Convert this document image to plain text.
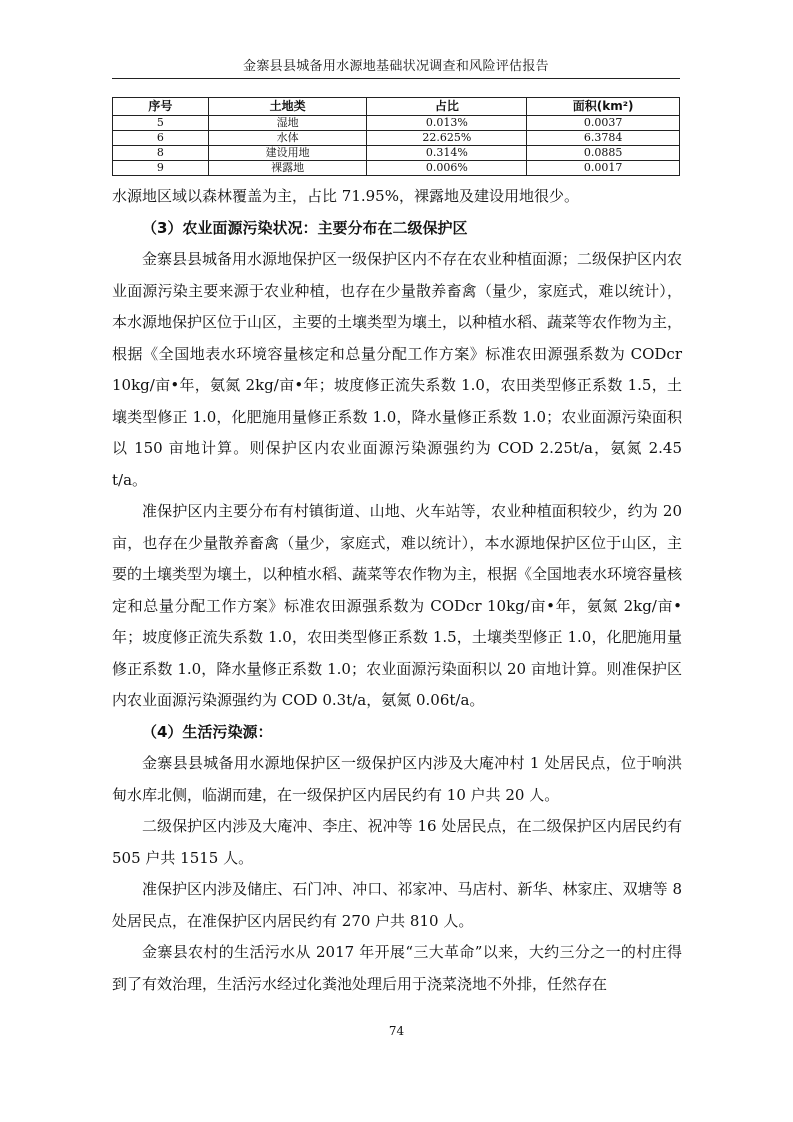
金寨县县城备用水源地基础状况调查和风险评估报告
序号	土地类	占比	面积(km²)
5	湿地	0.013%	0.0037
6	水体	22.625%	6.3784
8	建设用地	0.314%	0.0885
9	裸露地	0.006%	0.0017

水源地区域以森林覆盖为主，占比 71.95%，裸露地及建设用地很少。

（3）农业面源污染状况：主要分布在二级保护区

金寨县县城备用水源地保护区一级保护区内不存在农业种植面源；二级保护区内农业面源污染主要来源于农业种植，也存在少量散养畜禽（量少，家庭式，难以统计），本水源地保护区位于山区，主要的土壤类型为壤土，以种植水稻、蔬菜等农作物为主，根据《全国地表水环境容量核定和总量分配工作方案》标准农田源强系数为 CODcr 10kg/亩•年，氨氮 2kg/亩•年；坡度修正流失系数 1.0，农田类型修正系数 1.5，土壤类型修正 1.0，化肥施用量修正系数 1.0，降水量修正系数 1.0；农业面源污染面积以 150 亩地计算。则保护区内农业面源污染源强约为 COD 2.25t/a，氨氮 2.45 t/a。

准保护区内主要分布有村镇街道、山地、火车站等，农业种植面积较少，约为 20 亩，也存在少量散养畜禽（量少，家庭式，难以统计），本水源地保护区位于山区，主要的土壤类型为壤土，以种植水稻、蔬菜等农作物为主，根据《全国地表水环境容量核定和总量分配工作方案》标准农田源强系数为 CODcr 10kg/亩•年，氨氮 2kg/亩•年；坡度修正流失系数 1.0，农田类型修正系数 1.5，土壤类型修正 1.0，化肥施用量修正系数 1.0，降水量修正系数 1.0；农业面源污染面积以 20 亩地计算。则准保护区内农业面源污染源强约为 COD 0.3t/a，氨氮 0.06t/a。

（4）生活污染源：

金寨县县城备用水源地保护区一级保护区内涉及大庵冲村 1 处居民点，位于响洪甸水库北侧，临湖而建，在一级保护区内居民约有 10 户共 20 人。

二级保护区内涉及大庵冲、李庄、祝冲等 16 处居民点，在二级保护区内居民约有 505 户共 1515 人。

准保护区内涉及储庄、石门冲、冲口、祁家冲、马店村、新华、林家庄、双塘等 8 处居民点，在准保护区内居民约有 270 户共 810 人。

金寨县农村的生活污水从 2017 年开展“三大革命”以来，大约三分之一的村庄得到了有效治理，生活污水经过化粪池处理后用于浇菜浇地不外排，任然存在

74
